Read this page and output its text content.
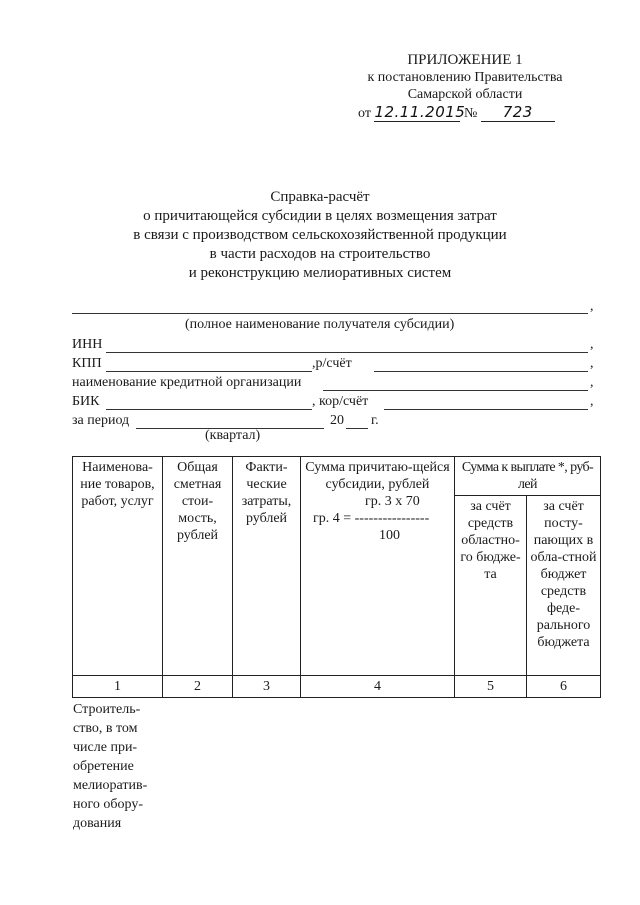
ПРИЛОЖЕНИЕ 1
к постановлению Правительства
Самарской области
от 12.11.2015 № 723
Справка-расчёт
о причитающейся субсидии в целях возмещения затрат
в связи с производством сельскохозяйственной продукции
в части расходов на строительство
и реконструкцию мелиоративных систем
,
(полное наименование получателя субсидии)
ИНН	,
КПП	,р/счёт	,
наименование кредитной организации	,
БИК	, кор/счёт	,
за период	20 г.
(квартал)
Наименова-ние товаров, работ, услуг	Общая сметная стои-мость, рублей	Факти-ческие затраты, рублей	Сумма причитаю-щейся субсидии, рублей
гр. 3 х 70
гр. 4 = ----------------
100	Сумма к выплате *, руб-лей	
				за счёт средств областно-го бюдже-та	за счёт посту-пающих в обла-стной бюджет средств феде-рального бюджета
1	2	3	4	5	6
Строитель-ство, в том числе при-обретение мелиоратив-ного обору-дования
